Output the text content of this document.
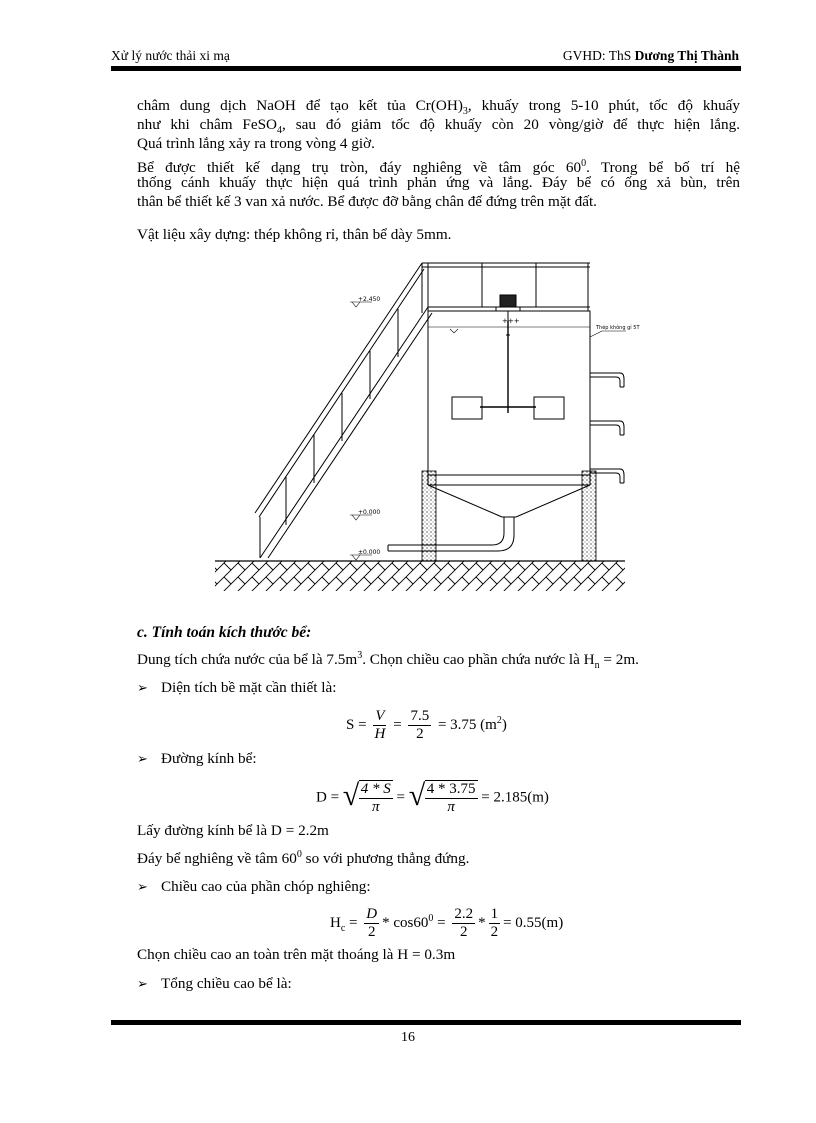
Xử lý nước thải xi mạ	GVHD: ThS Dương Thị Thành
châm dung dịch NaOH để tạo kết tủa $Cr(OH)_3$, khuấy trong 5-10 phút, tốc độ khuấy
như khi châm FeSO$_4$, sau đó giảm tốc độ khuấy còn 20 vòng/giờ để thực hiện lắng.
Quá trình lắng xảy ra trong vòng 4 giờ.
Bể được thiết kế dạng trụ tròn, đáy nghiêng về tâm góc $60^0$. Trong bể bố trí hệ
thống cánh khuấy thực hiện quá trình phản ứng và lắng. Đáy bể có ống xả bùn, trên
thân bể thiết kế 3 van xả nước. Bể được đỡ bằng chân đế đứng trên mặt đất.
Vật liệu xây dựng: thép không rỉ, thân bể dày 5mm.
+++
+2.450
+0.000
±0.000
Thép không gỉ 5T
c. Tính toán kích thước bể:
Dung tích chứa nước của bể là $7.5m^3$. Chọn chiều cao phần chứa nước là $H_n = 2m$.
➢ Diện tích bề mặt cần thiết là:
$S = \frac{V}{H} = \frac{7.5}{2} = 3.75$ $(m^2)$
➢ Đường kính bể:
D = √ $\frac{4 * S}{\pi}$ = √ $\frac{4 * 3.75}{\pi} = 2.185(m)$
Lấy đường kính bể là D = 2.2m
Đáy bể nghiêng về tâm $60^0$ so với phương thẳng đứng.
➢ Chiều cao của phần chóp nghiêng:
$H_c = \frac{D}{2} * \cos 60^0 = \frac{2.2}{2} * \frac{1}{2} = 0.55(m)$
Chọn chiều cao an toàn trên mặt thoáng là H = 0.3m
➢ Tổng chiều cao bể là:
16
